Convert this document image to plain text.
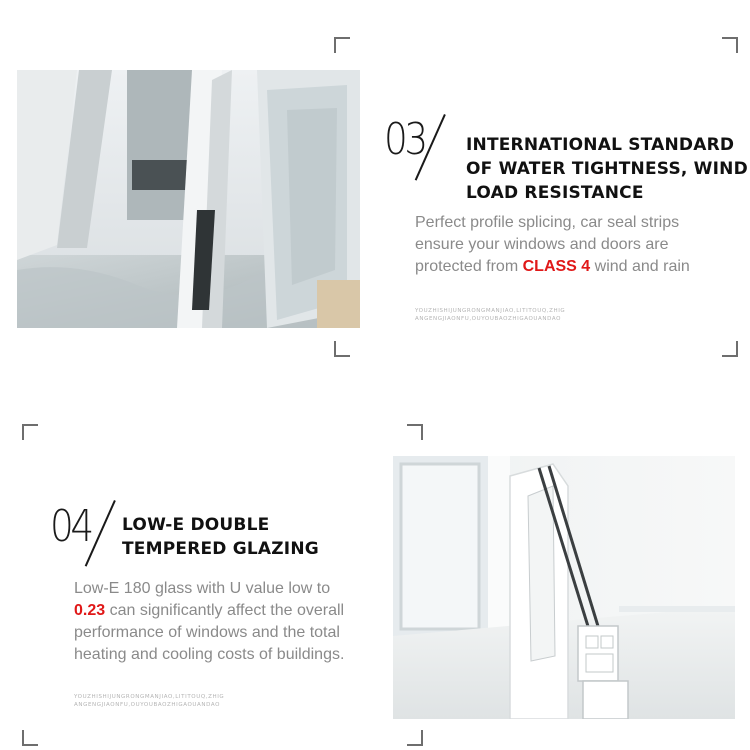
03 INTERNATIONAL STANDARD
OF WATER TIGHTNESS, WIND
LOAD RESISTANCE
Perfect profile splicing, car seal strips ensure your windows and doors are protected from CLASS 4 wind and rain
YOUZHISHIJUNGRONGMANJIAO,LITITOUQ,ZHIG
ANGENGJIAONFU,OUYOUBAOZHIGAOUANDAO
04 LOW-E DOUBLE
TEMPERED GLAZING
Low-E 180 glass with U value low to 0.23 can significantly affect the overall performance of windows and the total heating and cooling costs of buildings.
YOUZHISHIJUNGRONGMANJIAO,LITITOUQ,ZHIG
ANGENGJIAONFU,OUYOUBAOZHIGAOUANDAO
